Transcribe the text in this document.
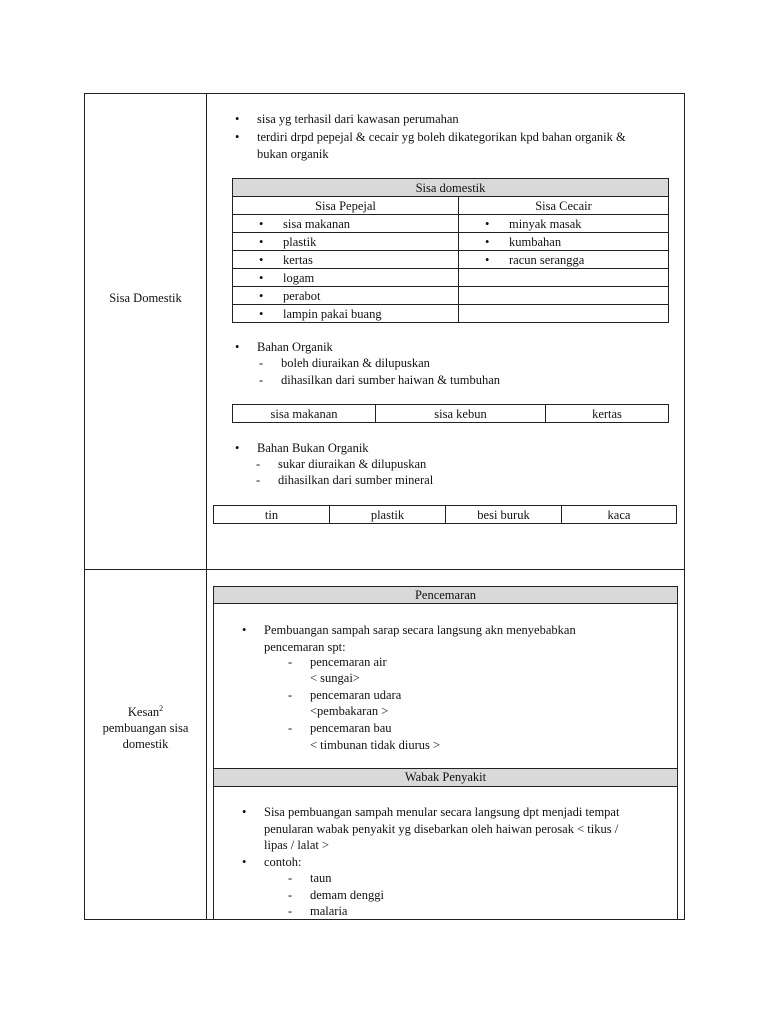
Sisa Domestik
• sisa yg terhasil dari kawasan perumahan
• terdiri drpd pepejal & cecair yg boleh dikategorikan kpd bahan organik &
bukan organik
Sisa domestik	
Sisa Pepejal	Sisa Cecair
• sisa makanan	• minyak masak
• plastik	• kumbahan
• kertas	• racun serangga
• logam	
• perabot	
• lampin pakai buang	
• Bahan Organik
- boleh diuraikan & dilupuskan
- dihasilkan dari sumber haiwan & tumbuhan
sisa makanan	sisa kebun	kertas
• Bahan Bukan Organik
- sukar diuraikan & dilupuskan
- dihasilkan dari sumber mineral
tin	plastik	besi buruk	kaca
Kesan$^2$
pembuangan sisa
domestik
Pencemaran
• Pembuangan sampah sarap secara langsung akn menyebabkan
pencemaran spt:
- pencemaran air
< sungai>
- pencemaran udara
<pembakaran >
- pencemaran bau
< timbunan tidak diurus >
Wabak Penyakit
• Sisa pembuangan sampah menular secara langsung dpt menjadi tempat
penularan wabak penyakit yg disebarkan oleh haiwan perosak < tikus /
lipas / lalat >
• contoh:
- taun
- demam denggi
- malaria
